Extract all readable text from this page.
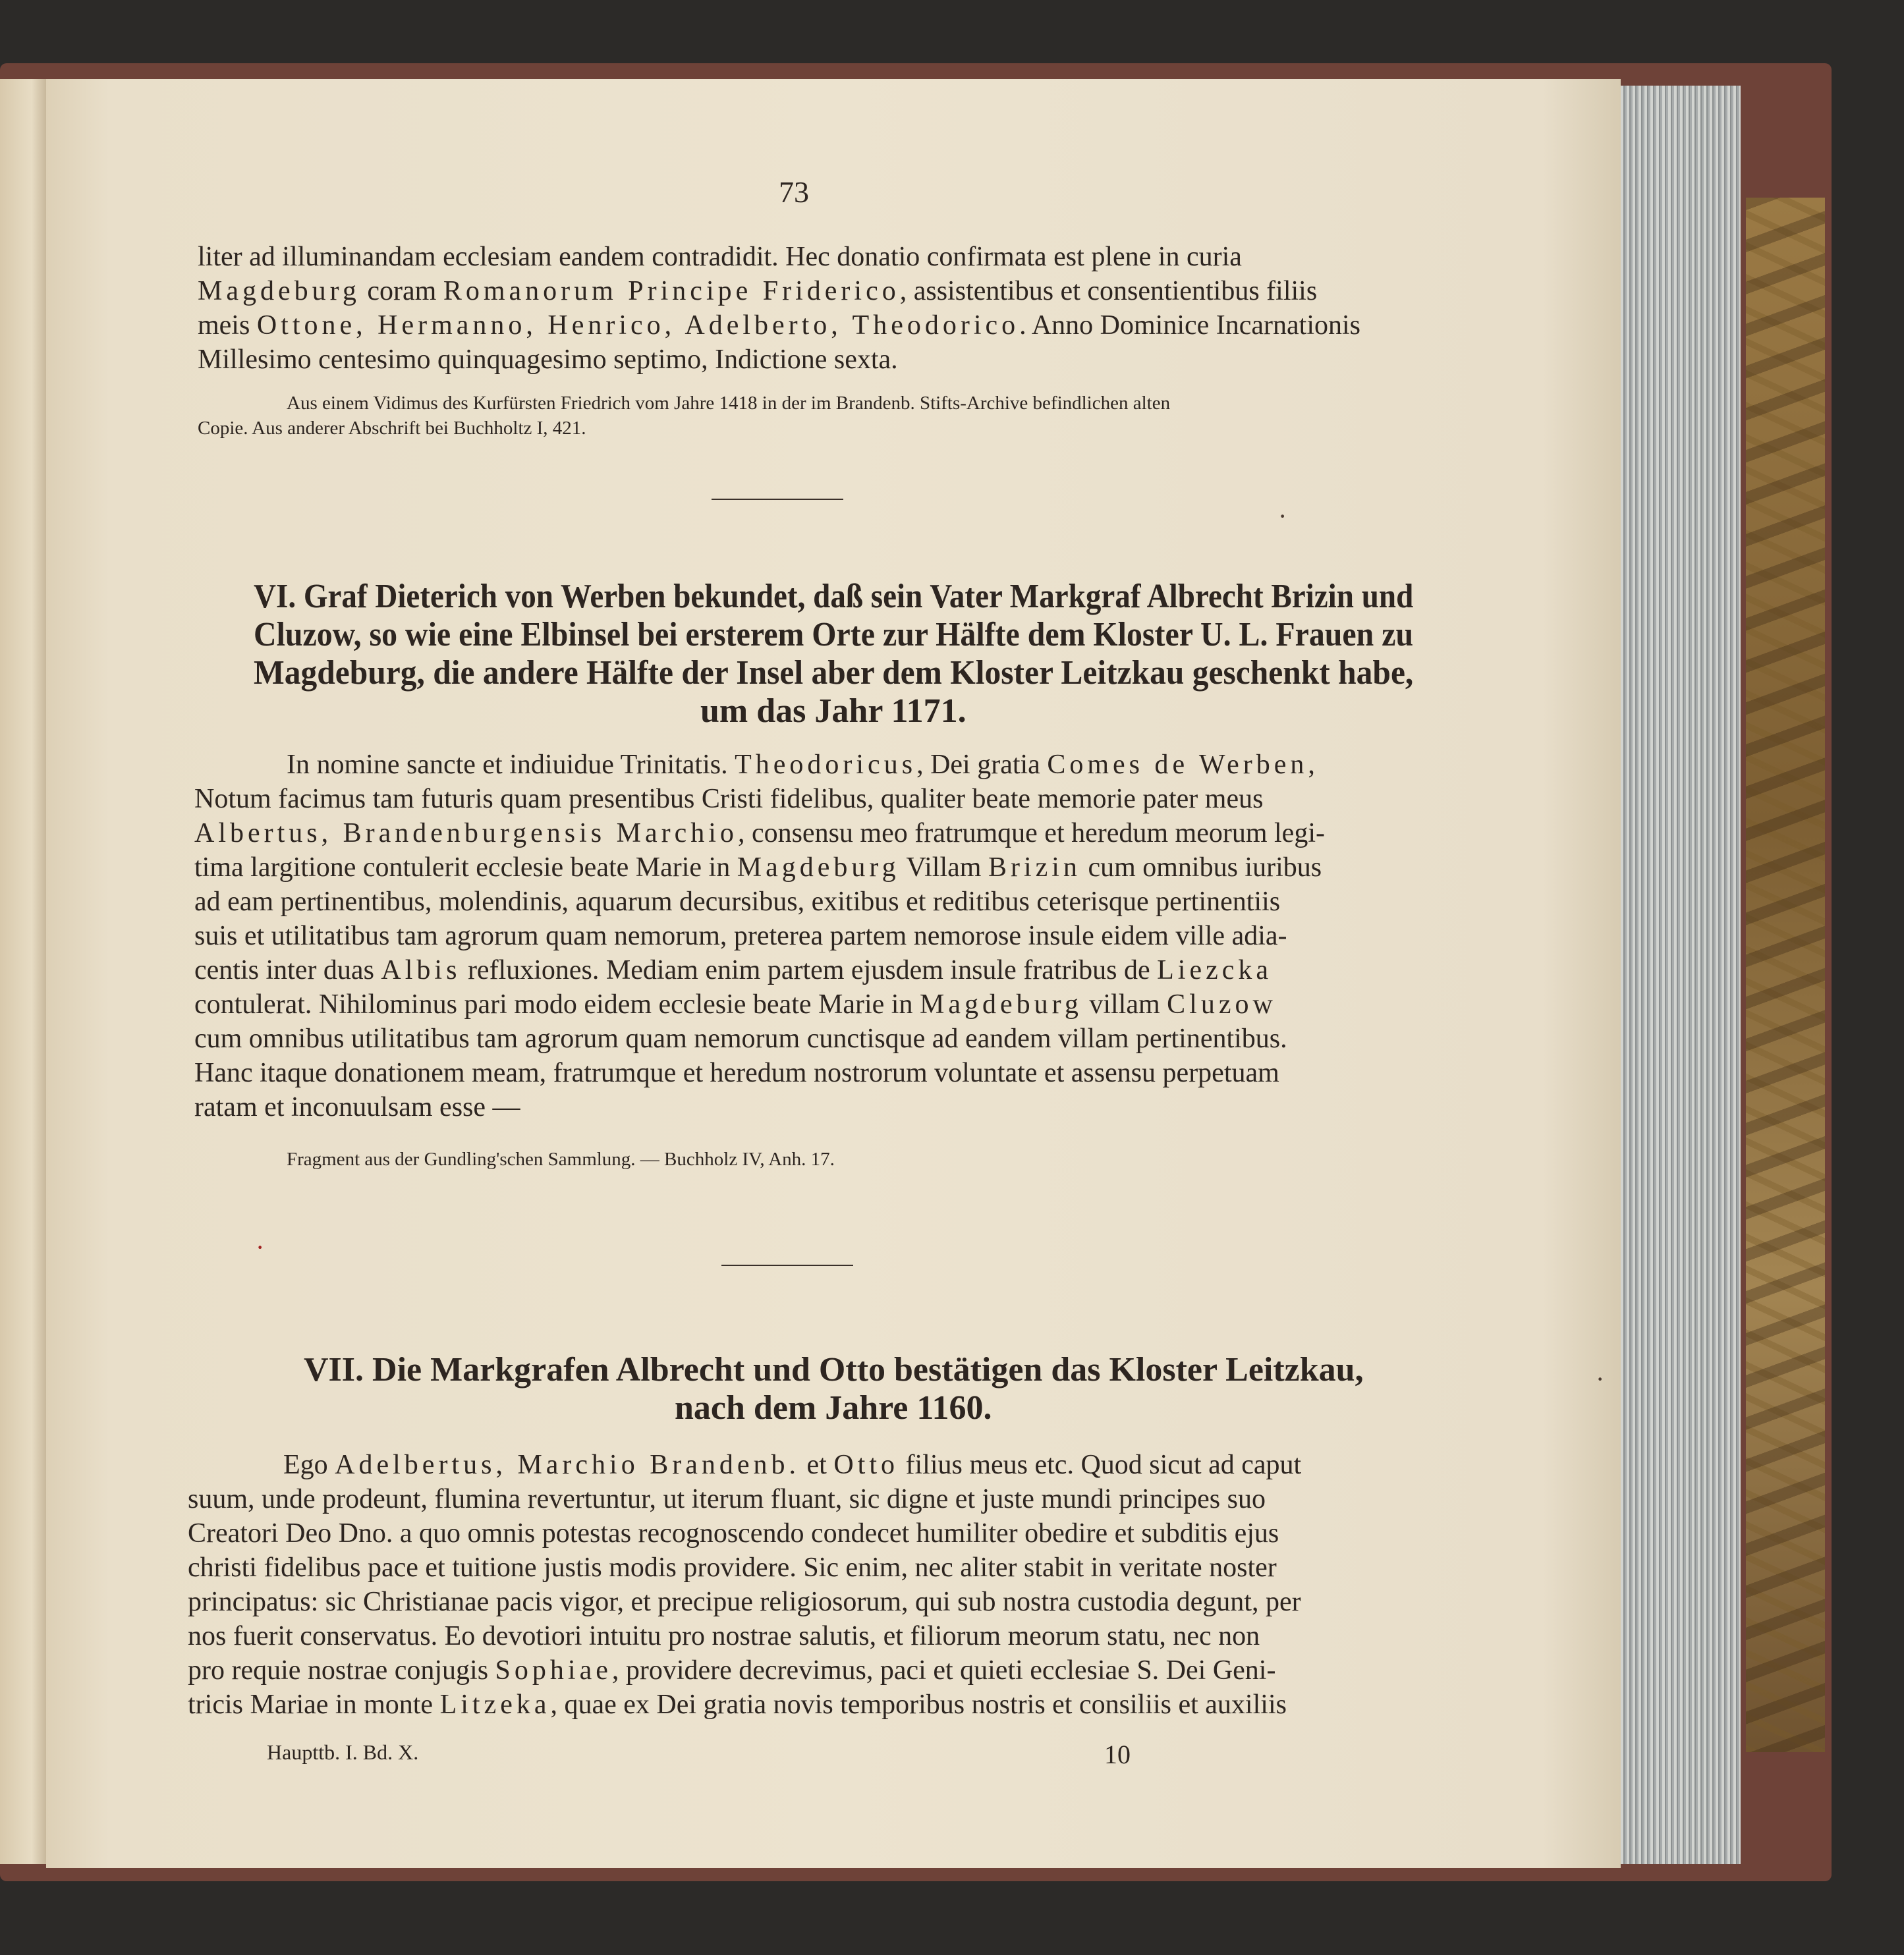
73
liter ad illuminandam ecclesiam eandem contradidit. Hec donatio confirmata est plene in curia
Magdeburg coram Romanorum Principe Friderico, assistentibus et consentientibus filiis
meis Ottone, Hermanno, Henrico, Adelberto, Theodorico. Anno Dominice Incarnationis
Millesimo centesimo quinquagesimo septimo, Indictione sexta.
Aus einem Vidimus des Kurfürsten Friedrich vom Jahre 1418 in der im Brandenb. Stifts-Archive befindlichen alten
Copie. Aus anderer Abschrift bei Buchholtz I, 421.
VI. Graf Dieterich von Werben bekundet, daß sein Vater Markgraf Albrecht Brizin und
Cluzow, so wie eine Elbinsel bei ersterem Orte zur Hälfte dem Kloster U. L. Frauen zu
Magdeburg, die andere Hälfte der Insel aber dem Kloster Leitzkau geschenkt habe,
um das Jahr 1171.
In nomine sancte et indiuidue Trinitatis. Theodoricus, Dei gratia Comes de Werben,
Notum facimus tam futuris quam presentibus Cristi fidelibus, qualiter beate memorie pater meus
Albertus, Brandenburgensis Marchio, consensu meo fratrumque et heredum meorum legi-
tima largitione contulerit ecclesie beate Marie in Magdeburg Villam Brizin cum omnibus iuribus
ad eam pertinentibus, molendinis, aquarum decursibus, exitibus et reditibus ceterisque pertinentiis
suis et utilitatibus tam agrorum quam nemorum, preterea partem nemorose insule eidem ville adia-
centis inter duas Albis refluxiones. Mediam enim partem ejusdem insule fratribus de Liezcka
contulerat. Nihilominus pari modo eidem ecclesie beate Marie in Magdeburg villam Cluzow
cum omnibus utilitatibus tam agrorum quam nemorum cunctisque ad eandem villam pertinentibus.
Hanc itaque donationem meam, fratrumque et heredum nostrorum voluntate et assensu perpetuam
ratam et inconuulsam esse —
Fragment aus der Gundling'schen Sammlung. — Buchholz IV, Anh. 17.
VII. Die Markgrafen Albrecht und Otto bestätigen das Kloster Leitzkau,
nach dem Jahre 1160.
Ego Adelbertus, Marchio Brandenb. et Otto filius meus etc. Quod sicut ad caput
suum, unde prodeunt, flumina revertuntur, ut iterum fluant, sic digne et juste mundi principes suo
Creatori Deo Dno. a quo omnis potestas recognoscendo condecet humiliter obedire et subditis ejus
christi fidelibus pace et tuitione justis modis providere. Sic enim, nec aliter stabit in veritate noster
principatus: sic Christianae pacis vigor, et precipue religiosorum, qui sub nostra custodia degunt, per
nos fuerit conservatus. Eo devotiori intuitu pro nostrae salutis, et filiorum meorum statu, nec non
pro requie nostrae conjugis Sophiae, providere decrevimus, paci et quieti ecclesiae S. Dei Geni-
tricis Mariae in monte Litzeka, quae ex Dei gratia novis temporibus nostris et consiliis et auxiliis
Haupttb. I. Bd. X.	10
·
·
·
